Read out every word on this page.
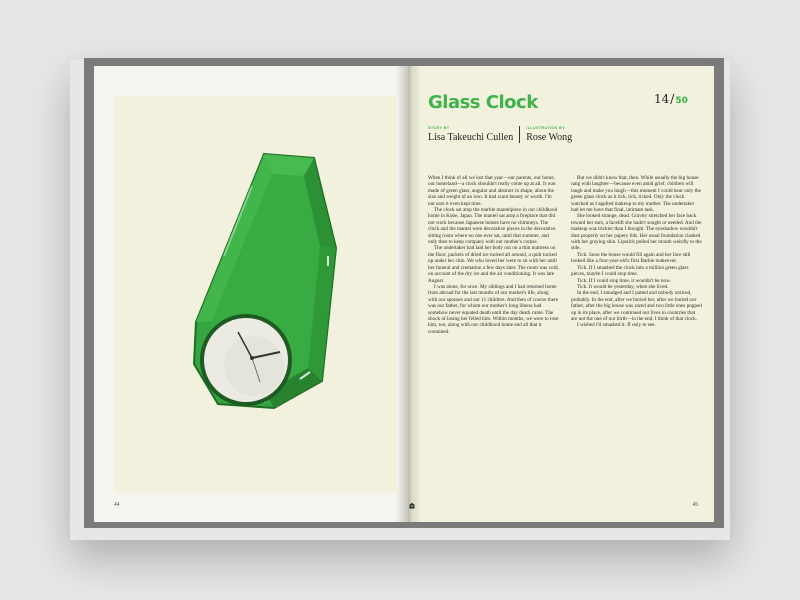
44
Glass Clock	14/50
STORY BY
Lisa Takeuchi Cullen
ILLUSTRATION BY
Rose Wong

When I think of all we lost that year—our parents, our home, our homeland—a clock shouldn't really come up at all. It was made of green glass, angular and abstract in shape, about the size and weight of an iron. It had scant beauty or worth. I'm not sure it even kept time.

The clock sat atop the marble mantelpiece in our childhood home in Kobe, Japan. The mantel sat atop a fireplace that did not work because Japanese homes have no chimneys. The clock and the mantel were decorative pieces in the decorative sitting room where no one ever sat, until that summer, and only then to keep company with our mother's corpse.

The undertaker had laid her body out on a thin mattress on the floor, packets of dried ice tucked all around, a quilt tucked up under her chin. We who loved her were to sit with her until her funeral and cremation a few days later. The room was cold, on account of the dry ice and the air conditioning. It was late August.

I was alone, for once. My siblings and I had returned home from abroad for the last months of our mother's life, along with our spouses and our 11 children. And then of course there was our father, for whom our mother's long illness had somehow never equated death until the day death came. The shock of losing her felled him. Within months, we were to lose him, too, along with our childhood home and all that it contained.

But we didn't know that, then. While usually the big house rang with laughter—because even amid grief, children will laugh and make you laugh—this moment I could hear only the green glass clock as it tick, tick, ticked. Only the clock watched as I applied makeup to my mother. The undertaker had let me have that final, intimate task.

She looked strange, dead. Gravity stretched her face back toward her ears, a facelift she hadn't sought or needed. And the makeup was trickier than I thought. The eyeshadow wouldn't dust properly on her papery lids. Her usual foundation clashed with her graying skin. Lipstick pulled her mouth weirdly to the side.

Tick. Soon the house would fill again and her face still looked like a four-year-old's first Barbie makeover.

Tick. If I smashed the clock into a million green glass pieces, maybe I could stop time.

Tick. If I could stop time, it wouldn't be now.

Tick. It would be yesterday, when she lived.

In the end, I smudged and I patted and nobody noticed, probably. In the end, after we buried her, after we buried our father, after the big house was razed and two little ones popped up in its place, after we continued our lives in countries that are not the one of our birth—in the end, I think of that clock.

I wished I'd smashed it. If only to see.

45
